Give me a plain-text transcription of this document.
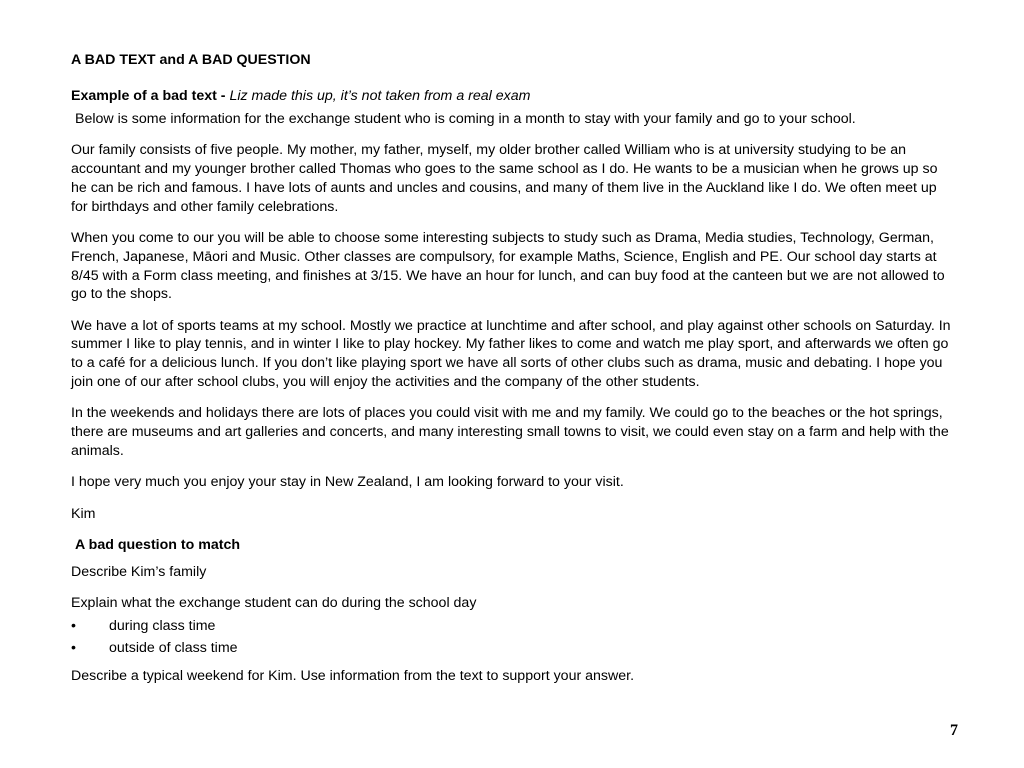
A BAD TEXT and A BAD QUESTION
Example of a bad text - Liz made this up, it’s not taken from a real exam
Below is some information for the exchange student who is coming in a month to stay with your family and go to your school.
Our family consists of five people. My mother, my father, myself, my older brother called William who is at university studying to be an accountant and my younger brother called Thomas who goes to the same school as I do. He wants to be a musician when he grows up so he can be rich and famous. I have lots of aunts and uncles and cousins, and many of them live in the Auckland like I do. We often meet up for birthdays and other family celebrations.
When you come to our you will be able to choose some interesting subjects to study such as Drama, Media studies, Technology, German, French, Japanese, Māori and Music. Other classes are compulsory, for example Maths, Science, English and PE. Our school day starts at 8/45 with a Form class meeting, and finishes at 3/15. We have an hour for lunch, and can buy food at the canteen but we are not allowed to go to the shops.
We have a lot of sports teams at my school. Mostly we practice at lunchtime and after school, and play against other schools on Saturday. In summer I like to play tennis, and in winter I like to play hockey. My father likes to come and watch me play sport, and afterwards we often go to a café for a delicious lunch. If you don’t like playing sport we have all sorts of other clubs such as drama, music and debating. I hope you join one of our after school clubs, you will enjoy the activities and the company of the other students.
In the weekends and holidays there are lots of places you could visit with me and my family. We could go to the beaches or the hot springs, there are museums and art galleries and concerts, and many interesting small towns to visit, we could even stay on a farm and help with the animals.
I hope very much you enjoy your stay in New Zealand, I am looking forward to your visit.
Kim
A bad question to match
Describe Kim’s family
Explain what the exchange student can do during the school day
• during class time
• outside of class time
Describe a typical weekend for Kim. Use information from the text to support your answer.
7
